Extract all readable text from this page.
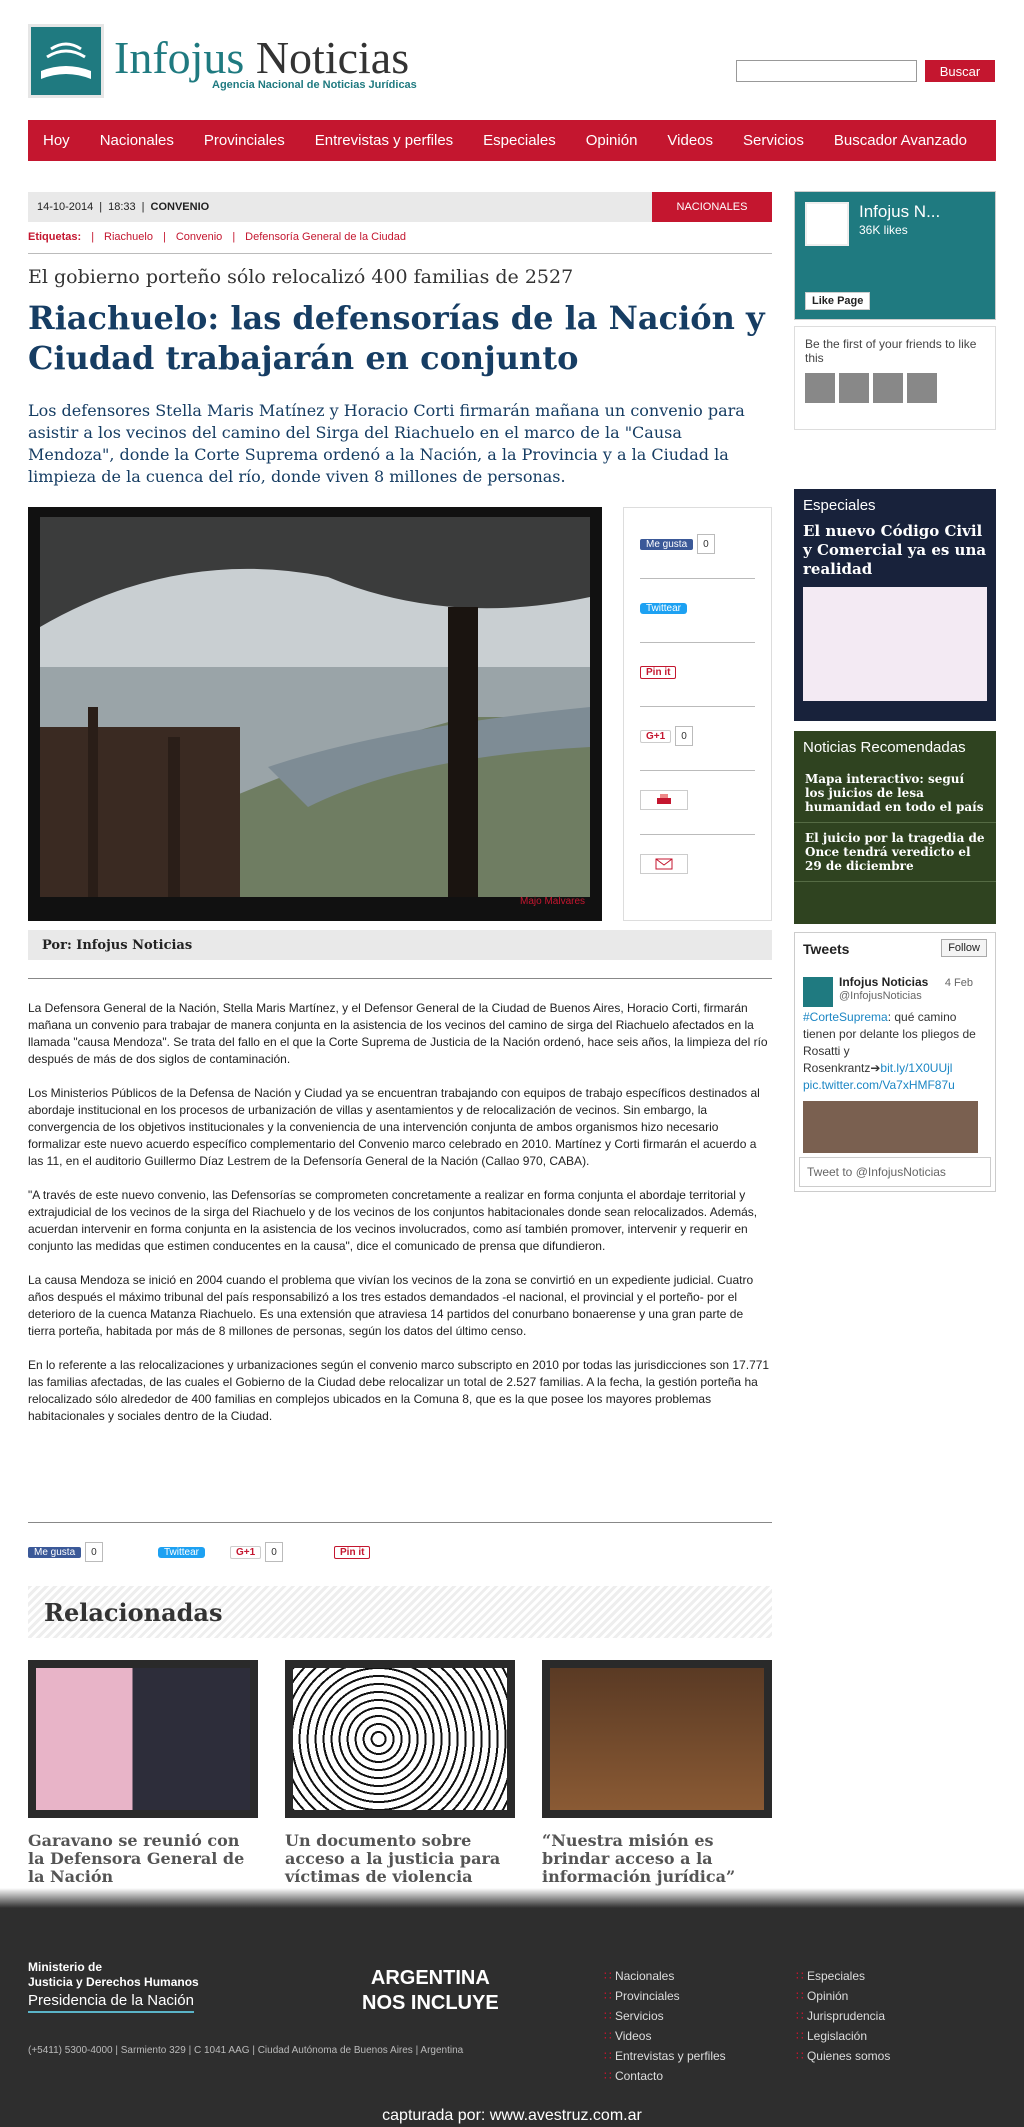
Infojus Noticias
Agencia Nacional de Noticias Jurídicas
Buscar
Hoy	Nacionales	Provinciales	Entrevistas y perfiles	Especiales	Opinión	Videos	Servicios	Buscador Avanzado
14-10-2014 | 18:33 | CONVENIO	NACIONALES
Etiquetas: | Riachuelo | Convenio | Defensoría General de la Ciudad
El gobierno porteño sólo relocalizó 400 familias de 2527
Riachuelo: las defensorías de la Nación y Ciudad trabajarán en conjunto
Los defensores Stella Maris Matínez y Horacio Corti firmarán mañana un convenio para asistir a los vecinos del camino del Sirga del Riachuelo en el marco de la "Causa Mendoza", donde la Corte Suprema ordenó a la Nación, a la Provincia y a la Ciudad la limpieza de la cuenca del río, donde viven 8 millones de personas.
Majo Malvares
Me gusta	0
Twittear
Pin it
G+1	0
Por: Infojus Noticias

La Defensora General de la Nación, Stella Maris Martínez, y el Defensor General de la Ciudad de Buenos Aires, Horacio Corti, firmarán mañana un convenio para trabajar de manera conjunta en la asistencia de los vecinos del camino de sirga del Riachuelo afectados en la llamada "causa Mendoza". Se trata del fallo en el que la Corte Suprema de Justicia de la Nación ordenó, hace seis años, la limpieza del río después de más de dos siglos de contaminación.

Los Ministerios Públicos de la Defensa de Nación y Ciudad ya se encuentran trabajando con equipos de trabajo específicos destinados al abordaje institucional en los procesos de urbanización de villas y asentamientos y de relocalización de vecinos. Sin embargo, la convergencia de los objetivos institucionales y la conveniencia de una intervención conjunta de ambos organismos hizo necesario formalizar este nuevo acuerdo específico complementario del Convenio marco celebrado en 2010. Martínez y Corti firmarán el acuerdo a las 11, en el auditorio Guillermo Díaz Lestrem de la Defensoría General de la Nación (Callao 970, CABA).

"A través de este nuevo convenio, las Defensorías se comprometen concretamente a realizar en forma conjunta el abordaje territorial y extrajudicial de los vecinos de la sirga del Riachuelo y de los vecinos de los conjuntos habitacionales donde sean relocalizados. Además, acuerdan intervenir en forma conjunta en la asistencia de los vecinos involucrados, como así también promover, intervenir y requerir en conjunto las medidas que estimen conducentes en la causa", dice el comunicado de prensa que difundieron.

La causa Mendoza se inició en 2004 cuando el problema que vivían los vecinos de la zona se convirtió en un expediente judicial. Cuatro años después el máximo tribunal del país responsabilizó a los tres estados demandados -el nacional, el provincial y el porteño- por el deterioro de la cuenca Matanza Riachuelo. Es una extensión que atraviesa 14 partidos del conurbano bonaerense y una gran parte de tierra porteña, habitada por más de 8 millones de personas, según los datos del último censo.

En lo referente a las relocalizaciones y urbanizaciones según el convenio marco subscripto en 2010 por todas las jurisdicciones son 17.771 las familias afectadas, de las cuales el Gobierno de la Ciudad debe relocalizar un total de 2.527 familias. A la fecha, la gestión porteña ha relocalizado sólo alrededor de 400 familias en complejos ubicados en la Comuna 8, que es la que posee los mayores problemas habitacionales y sociales dentro de la Ciudad.

Me gusta	0	Twittear	G+1	0	Pin it
Relacionadas
Garavano se reunió con la Defensora General de la Nación
Un documento sobre acceso a la justicia para víctimas de violencia
“Nuestra misión es brindar acceso a la información jurídica”
Infojus N...
36K likes
Like Page
Be the first of your friends to like this
Especiales
El nuevo Código Civil y Comercial ya es una realidad
Noticias Recomendadas
Mapa interactivo: seguí los juicios de lesa humanidad en todo el país
El juicio por la tragedia de Once tendrá veredicto el 29 de diciembre
Tweets	Follow
Infojus Noticias
@InfojusNoticias
4 Feb
#CorteSuprema: qué camino tienen por delante los pliegos de Rosatti y Rosenkrantz➔bit.ly/1X0UUjl pic.twitter.com/Va7xHMF87u
Tweet to @InfojusNoticias
Ministerio de
Justicia y Derechos Humanos
Presidencia de la Nación
ARGENTINA
NOS INCLUYE
(+5411) 5300-4000 | Sarmiento 329 | C 1041 AAG | Ciudad Autónoma de Buenos Aires | Argentina
∷ Nacionales
∷ Provinciales
∷ Servicios
∷ Videos
∷ Entrevistas y perfiles
∷ Contacto
∷ Especiales
∷ Opinión
∷ Jurisprudencia
∷ Legislación
∷ Quienes somos
capturada por: www.avestruz.com.ar
